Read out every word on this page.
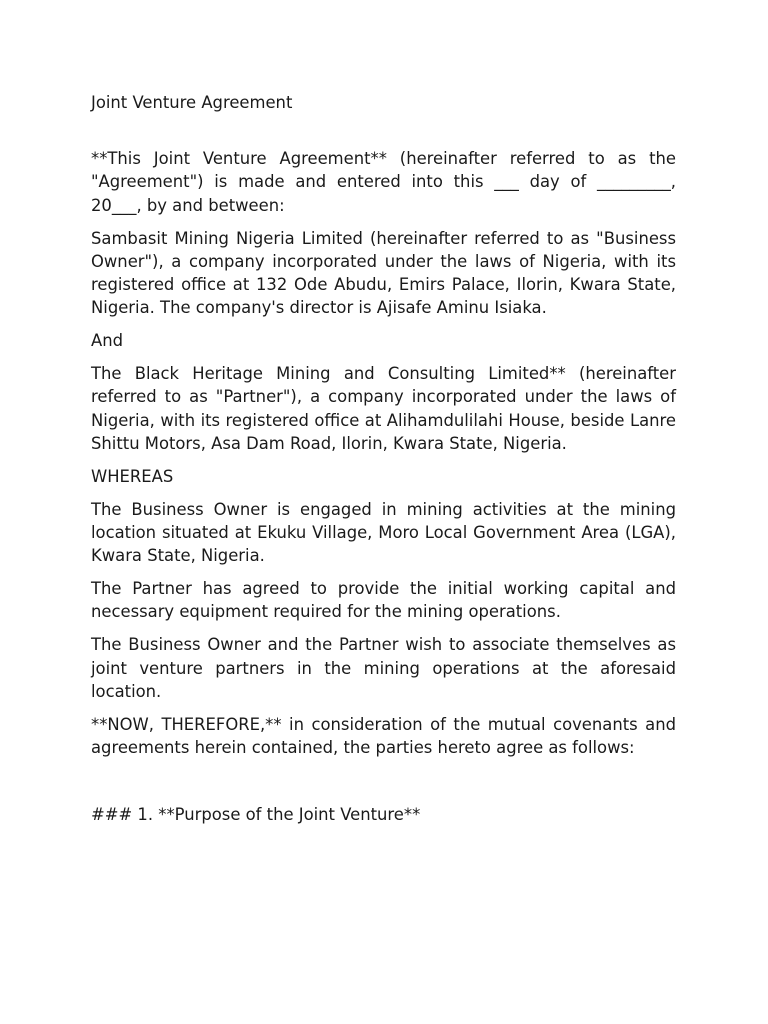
Joint Venture Agreement

**This Joint Venture Agreement** (hereinafter referred to as the "Agreement") is made and entered into this ___ day of _________, 20___, by and between:

Sambasit Mining Nigeria Limited (hereinafter referred to as "Business Owner"), a company incorporated under the laws of Nigeria, with its registered office at 132 Ode Abudu, Emirs Palace, Ilorin, Kwara State, Nigeria. The company's director is Ajisafe Aminu Isiaka.

And

The Black Heritage Mining and Consulting Limited** (hereinafter referred to as "Partner"), a company incorporated under the laws of Nigeria, with its registered office at Alihamdulilahi House, beside Lanre Shittu Motors, Asa Dam Road, Ilorin, Kwara State, Nigeria.

WHEREAS

The Business Owner is engaged in mining activities at the mining location situated at Ekuku Village, Moro Local Government Area (LGA), Kwara State, Nigeria.

The Partner has agreed to provide the initial working capital and necessary equipment required for the mining operations.

The Business Owner and the Partner wish to associate themselves as joint venture partners in the mining operations at the aforesaid location.

**NOW, THEREFORE,** in consideration of the mutual covenants and agreements herein contained, the parties hereto agree as follows:

### 1. **Purpose of the Joint Venture**
